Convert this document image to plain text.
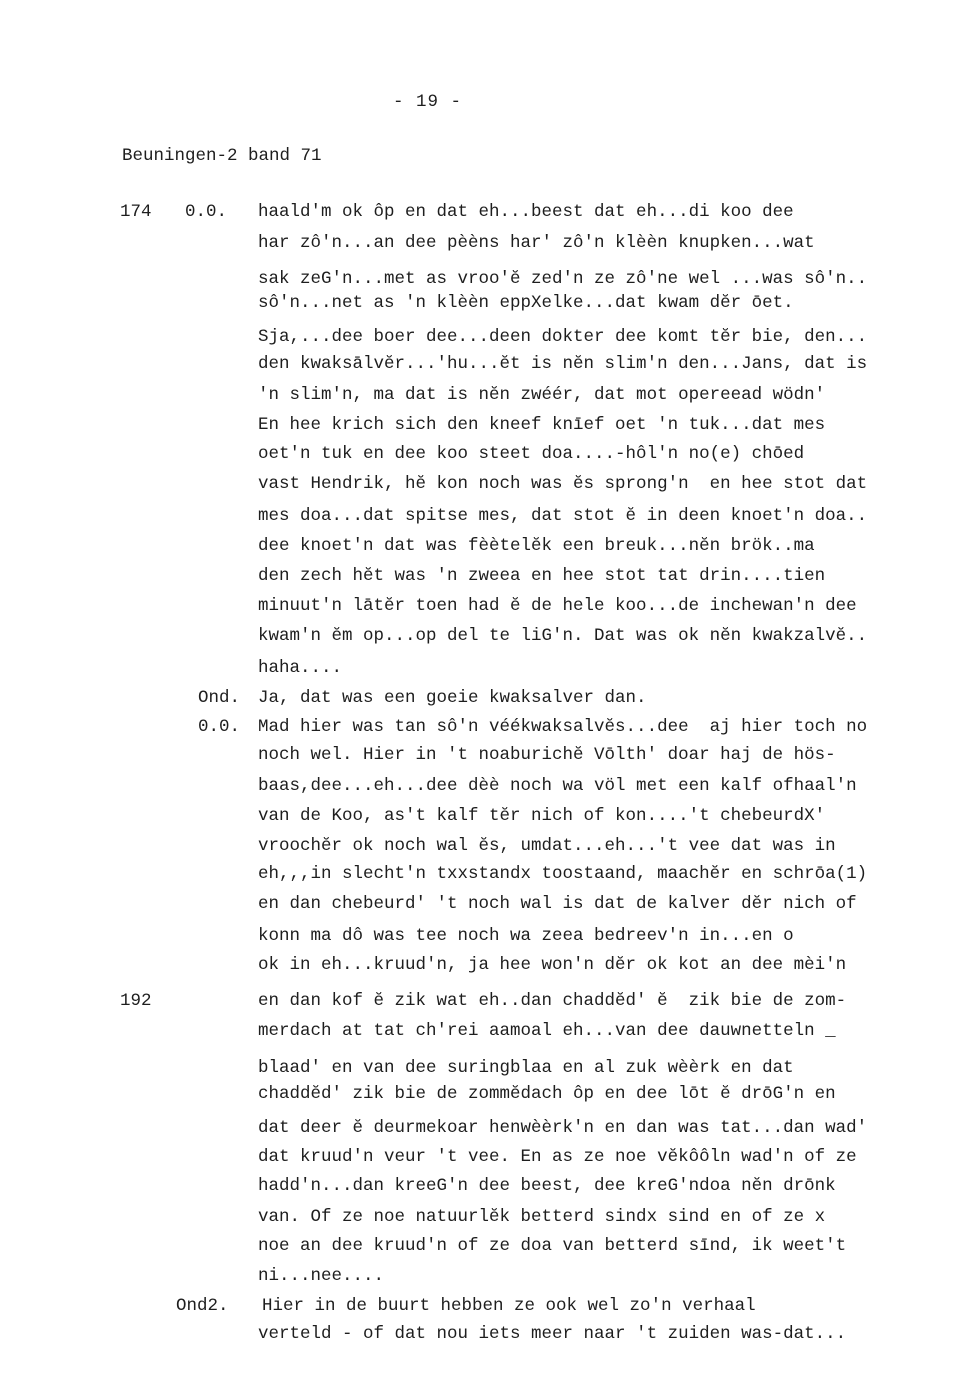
- 19 -
Beuningen-2 band 71
174 0.0. haald'm ok ôp en dat eh...beest dat eh...di koo dee
har zô'n...an dee pèèns har' zô'n klèèn knupken...wat
sak zeG'n...met as vroo'ĕ zed'n ze zô'ne wel ...was sô'n..
sô'n...net as 'n klèèn eppXelke...dat kwam dĕr ōet.
Sja,...dee boer dee...deen dokter dee komt tĕr bie, den...
den kwaksālvĕr...'hu...ĕt is nĕn slim'n den...Jans, dat is
'n slim'n, ma dat is nĕn zwéér, dat mot opereead wödn'
En hee krich sich den kneef knīef oet 'n tuk...dat mes
oet'n tuk en dee koo steet doa....-hôl'n no(e) chōed
vast Hendrik, hĕ kon noch was ĕs sprong'n  en hee stot dat
mes doa...dat spitse mes, dat stot ĕ in deen knoet'n doa..
dee knoet'n dat was fèètelĕk een breuk...nĕn brök..ma
den zech hĕt was 'n zweea en hee stot tat drin....tien
minuut'n lātĕr toen had ĕ de hele koo...de inchewan'n dee
kwam'n ĕm op...op del te liG'n. Dat was ok nĕn kwakzalvĕ..
haha....
Ond. Ja, dat was een goeie kwaksalver dan.
0.0. Mad hier was tan sô'n véékwaksalvĕs...dee  aj hier toch no
noch wel. Hier in 't noaburichĕ Vōlth' doar haj de hös-
baas,dee...eh...dee dèè noch wa völ met een kalf ofhaal'n
van de Koo, as't kalf tĕr nich of kon....'t chebeurdX'
vroochĕr ok noch wal ĕs, umdat...eh...'t vee dat was in
eh,,,in slecht'n txxstandx toostaand, maachĕr en schrōa(1)
en dan chebeurd' 't noch wal is dat de kalver dĕr nich of
konn ma dô was tee noch wa zeea bedreev'n in...en o
ok in eh...kruud'n, ja hee won'n dĕr ok kot an dee mèi'n
192	en dan kof ĕ zik wat eh..dan chaddĕd' ĕ  zik bie de zom-
merdach at tat ch'rei aamoal eh...van dee dauwnetteln _
blaad' en van dee suringblaa en al zuk wèèrk en dat
chaddĕd' zik bie de zommĕdach ôp en dee lōt ĕ drōG'n en
dat deer ĕ deurmekoar henwèèrk'n en dan was tat...dan wad'
dat kruud'n veur 't vee. En as ze noe vĕkôôln wad'n of ze
hadd'n...dan kreeG'n dee beest, dee kreG'ndoa nĕn drōnk
van. Of ze noe natuurlĕk betterd sindx sind en of ze x
noe an dee kruud'n of ze doa van betterd sīnd, ik weet't
ni...nee....
Ond2. Hier in de buurt hebben ze ook wel zo'n verhaal
verteld - of dat nou iets meer naar 't zuiden was-dat...
